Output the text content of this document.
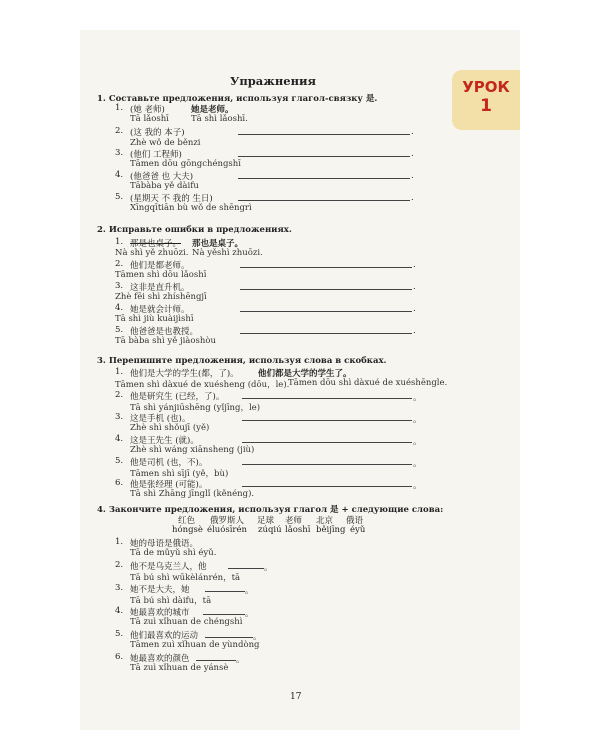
УРОК
1
Упражнения
1. Составьте предложения, используя глагол-связку 是.
1. (她 老师)	她是老师。
Tā lǎoshī	Tā shì lǎoshī.
2. (这 我的 本子)	.
Zhè wǒ de běnzi
3. (他们 工程师)	.
Tāmen dōu gōngchéngshī
4. (他爸爸 也 大夫)	.
Tābàba yě dàifu
5. (星期天 不 我的 生日)	.
Xīngqītiān bù wǒ de shēngrì
2. Исправьте ошибки в предложениях.
1. 那是也桌子。 那也是桌子。
Nà shì yě zhuōzi. Nà yěshì zhuōzi.
2. 他们是都老师。	.
Tāmen shì dōu lǎoshī
3. 这非是直升机。	.
Zhè fēi shì zhíshēngjī
4. 她是就会计师。	.
Tā shì jiù kuàijìshī
5. 他爸爸是也教授。	.
Tā bàba shì yě jiàoshòu
3. Перепишите предложения, используя слова в скобках.
1. 他们是大学的学生(都，了)。 他们都是大学的学生了。
Tāmen shì dàxué de xuésheng (dōu，le).
Tāmen dōu shì dàxué de xuéshēngle.
2. 他是研究生 (已经，了)。	。
Tā shì yánjiūshēng (yǐjīng，le)
3. 这是手机 (也)。	。
Zhè shì shǒujī (yě)
4. 这是王先生 (就)。	。
Zhè shì wáng xiānsheng (jiù)
5. 他是司机 (也，不)。	。
Tāmen shì sījī (yě，bù)
6. 他是张经理 (可能)。	。
Tā shì Zhāng jīnglǐ (kěnéng).
4. Закончите предложения, используя глагол 是 + следующие слова:
红色 俄罗斯人 足球 老师 北京 俄语
hóngsè éluósīrén zúqiú lǎoshī běijīng éyǔ
1. 她的母语是俄语。
Tā de mǔyǔ shì éyǔ.
2. 他不是乌克兰人，他	。
Tā bú shì wūkèlánrén，tā
3. 她不是大夫，她	。
Tā bú shì dàifu，tā
4. 她最喜欢的城市	。
Tā zuì xǐhuan de chéngshì
5. 他们最喜欢的运动	。
Tāmen zuì xǐhuan de yùndòng
6. 她最喜欢的颜色	。
Tā zuì xǐhuan de yánsè
17
